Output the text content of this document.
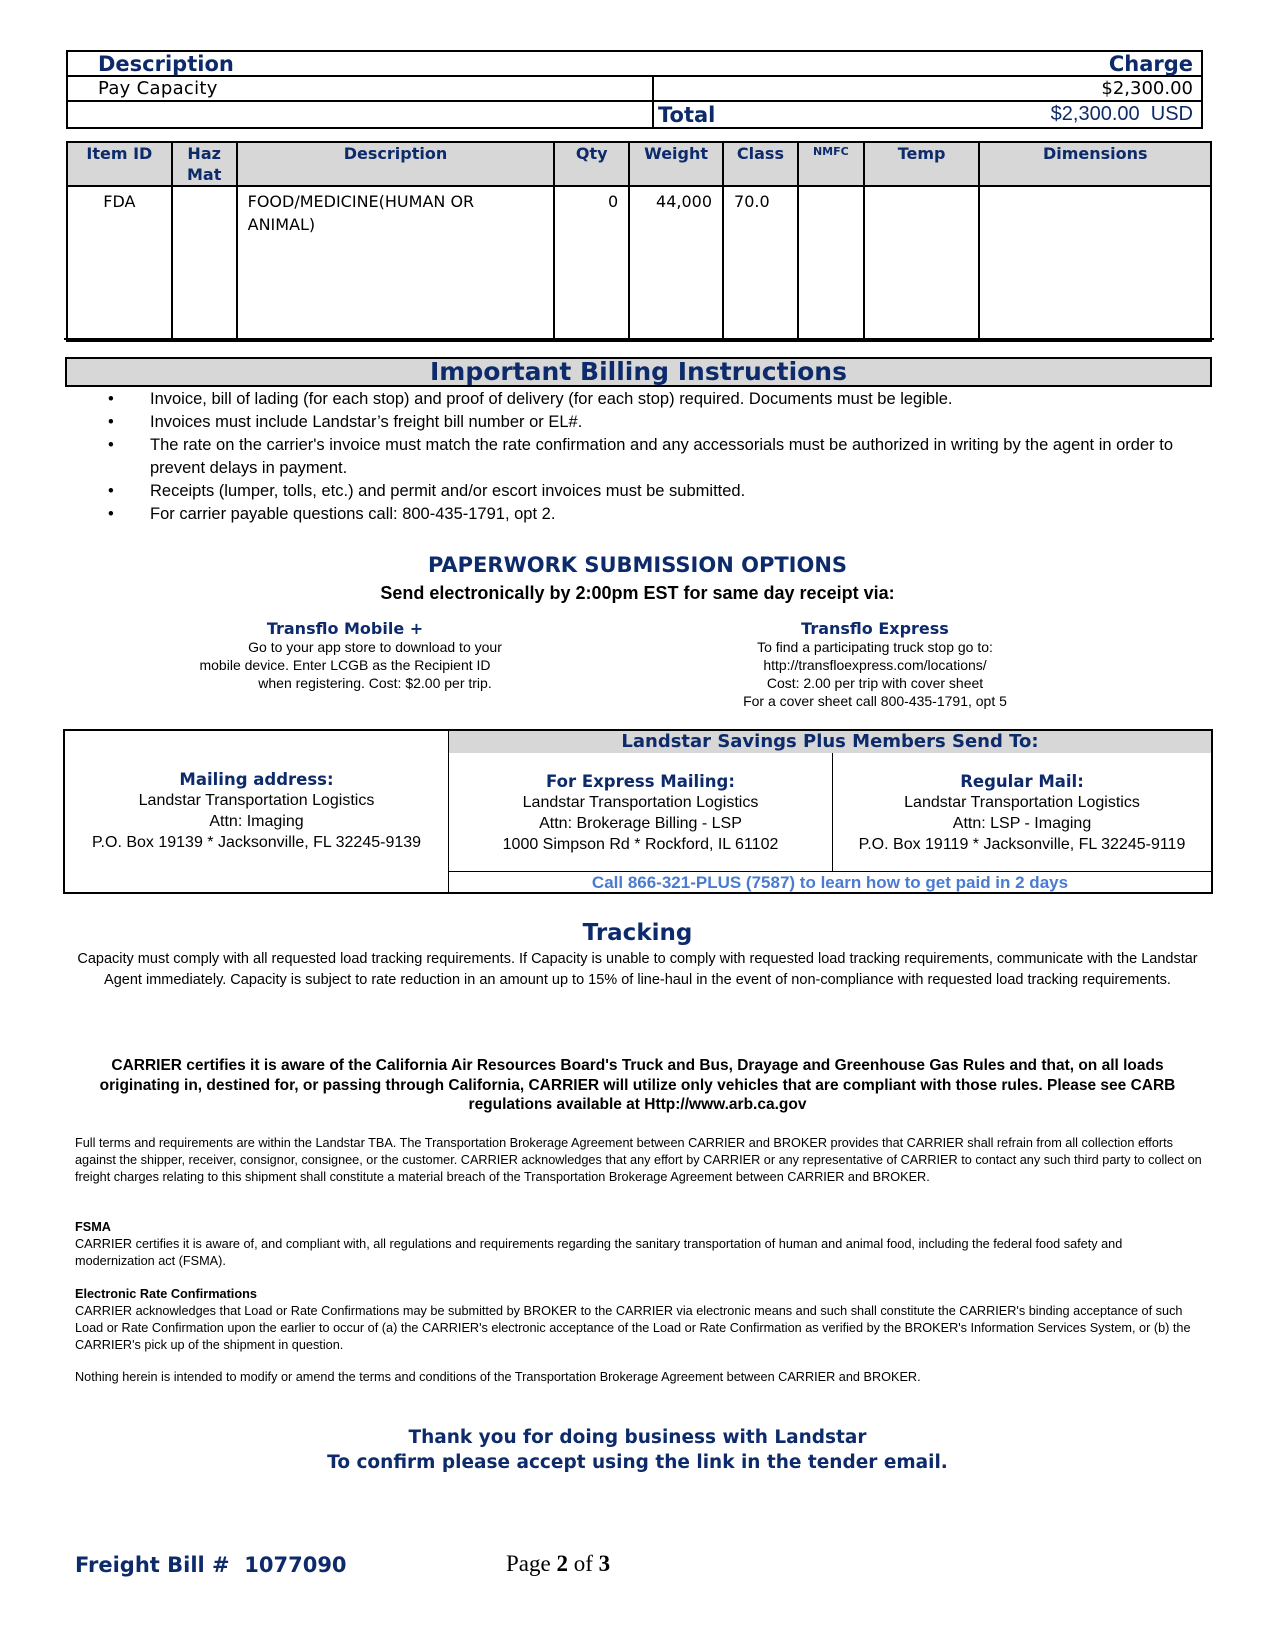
Description	Charge
Pay Capacity	$2,300.00
Total	$2,300.00  USD
Item ID	Haz Mat	Description	Qty	Weight	Class	NMFC	Temp	Dimensions
FDA		FOOD/MEDICINE(HUMAN OR ANIMAL)	0	44,000	70.0			
Important Billing Instructions
• Invoice, bill of lading (for each stop) and proof of delivery (for each stop) required. Documents must be legible.
• Invoices must include Landstar’s freight bill number or EL#.
• The rate on the carrier's invoice must match the rate confirmation and any accessorials must be authorized in writing by the agent in order to prevent delays in payment.
• Receipts (lumper, tolls, etc.) and permit and/or escort invoices must be submitted.
• For carrier payable questions call: 800-435-1791, opt 2.
PAPERWORK SUBMISSION OPTIONS
Send electronically by 2:00pm EST for same day receipt via:
Transflo Mobile +
Go to your app store to download to your
mobile device. Enter LCGB as the Recipient ID
when registering. Cost: $2.00 per trip.
Transflo Express
To find a participating truck stop go to:
http://transfloexpress.com/locations/
Cost: 2.00 per trip with cover sheet
For a cover sheet call 800-435-1791, opt 5
Landstar Savings Plus Members Send To:
Mailing address:
Landstar Transportation Logistics
Attn: Imaging
P.O. Box 19139 * Jacksonville, FL 32245-9139
For Express Mailing:
Landstar Transportation Logistics
Attn: Brokerage Billing - LSP
1000 Simpson Rd * Rockford, IL 61102
Regular Mail:
Landstar Transportation Logistics
Attn: LSP - Imaging
P.O. Box 19119 * Jacksonville, FL 32245-9119
Call 866-321-PLUS (7587) to learn how to get paid in 2 days
Tracking
Capacity must comply with all requested load tracking requirements. If Capacity is unable to comply with requested load tracking requirements, communicate with the Landstar Agent immediately. Capacity is subject to rate reduction in an amount up to 15% of line-haul in the event of non-compliance with requested load tracking requirements.
CARRIER certifies it is aware of the California Air Resources Board's Truck and Bus, Drayage and Greenhouse Gas Rules and that, on all loads originating in, destined for, or passing through California, CARRIER will utilize only vehicles that are compliant with those rules. Please see CARB regulations available at Http://www.arb.ca.gov
Full terms and requirements are within the Landstar TBA. The Transportation Brokerage Agreement between CARRIER and BROKER provides that CARRIER shall refrain from all collection efforts against the shipper, receiver, consignor, consignee, or the customer. CARRIER acknowledges that any effort by CARRIER or any representative of CARRIER to contact any such third party to collect on freight charges relating to this shipment shall constitute a material breach of the Transportation Brokerage Agreement between CARRIER and BROKER.
FSMA
CARRIER certifies it is aware of, and compliant with, all regulations and requirements regarding the sanitary transportation of human and animal food, including the federal food safety and modernization act (FSMA).
Electronic Rate Confirmations
CARRIER acknowledges that Load or Rate Confirmations may be submitted by BROKER to the CARRIER via electronic means and such shall constitute the CARRIER's binding acceptance of such Load or Rate Confirmation upon the earlier to occur of (a) the CARRIER's electronic acceptance of the Load or Rate Confirmation as verified by the BROKER's Information Services System, or (b) the CARRIER's pick up of the shipment in question.
Nothing herein is intended to modify or amend the terms and conditions of the Transportation Brokerage Agreement between CARRIER and BROKER.
Thank you for doing business with Landstar
To confirm please accept using the link in the tender email.
Freight Bill # 1077090	Page 2 of 3
